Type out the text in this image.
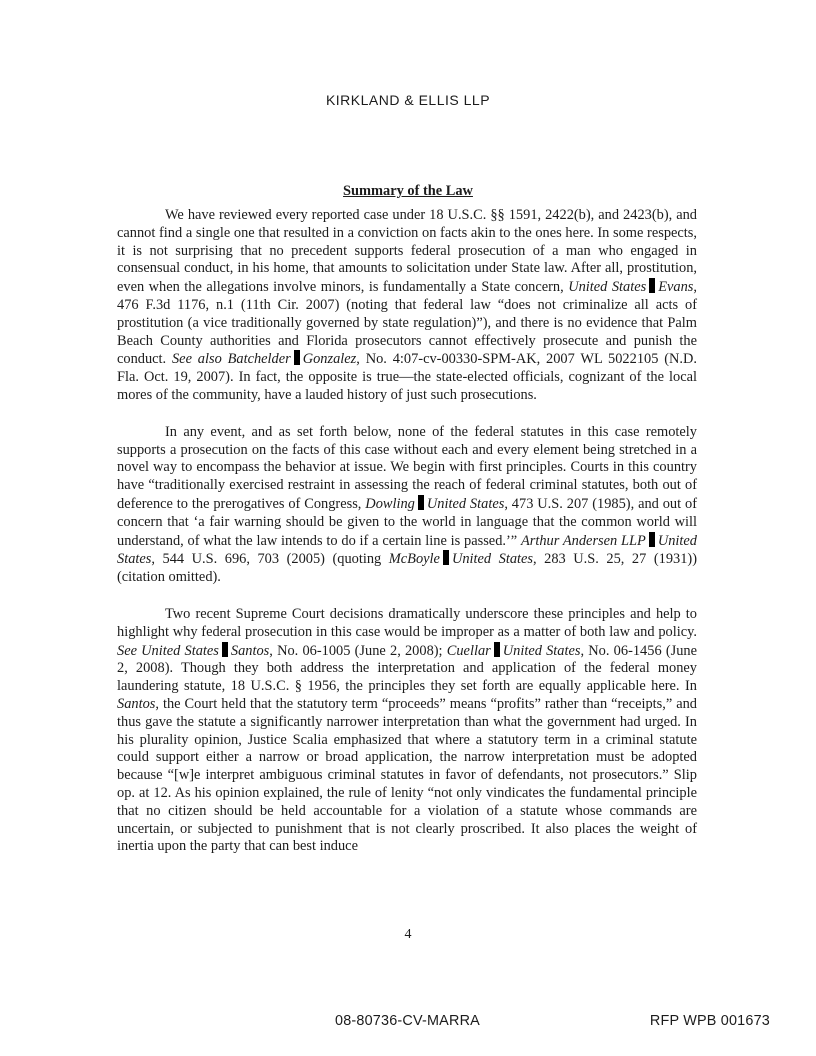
KIRKLAND & ELLIS LLP
Summary of the Law

We have reviewed every reported case under 18 U.S.C. §§ 1591, 2422(b), and 2423(b), and cannot find a single one that resulted in a conviction on facts akin to the ones here. In some respects, it is not surprising that no precedent supports federal prosecution of a man who engaged in consensual conduct, in his home, that amounts to solicitation under State law. After all, prostitution, even when the allegations involve minors, is fundamentally a State concern, United States Evans, 476 F.3d 1176, n.1 (11th Cir. 2007) (noting that federal law “does not criminalize all acts of prostitution (a vice traditionally governed by state regulation)”), and there is no evidence that Palm Beach County authorities and Florida prosecutors cannot effectively prosecute and punish the conduct. See also Batchelder Gonzalez, No. 4:07-cv-00330-SPM-AK, 2007 WL 5022105 (N.D. Fla. Oct. 19, 2007). In fact, the opposite is true—the state-elected officials, cognizant of the local mores of the community, have a lauded history of just such prosecutions.

In any event, and as set forth below, none of the federal statutes in this case remotely supports a prosecution on the facts of this case without each and every element being stretched in a novel way to encompass the behavior at issue. We begin with first principles. Courts in this country have “traditionally exercised restraint in assessing the reach of federal criminal statutes, both out of deference to the prerogatives of Congress, Dowling United States, 473 U.S. 207 (1985), and out of concern that ‘a fair warning should be given to the world in language that the common world will understand, of what the law intends to do if a certain line is passed.’” Arthur Andersen LLP United States, 544 U.S. 696, 703 (2005) (quoting McBoyle United States, 283 U.S. 25, 27 (1931)) (citation omitted).

Two recent Supreme Court decisions dramatically underscore these principles and help to highlight why federal prosecution in this case would be improper as a matter of both law and policy. See United States Santos, No. 06-1005 (June 2, 2008); Cuellar United States, No. 06-1456 (June 2, 2008). Though they both address the interpretation and application of the federal money laundering statute, 18 U.S.C. § 1956, the principles they set forth are equally applicable here. In Santos, the Court held that the statutory term “proceeds” means “profits” rather than “receipts,” and thus gave the statute a significantly narrower interpretation than what the government had urged. In his plurality opinion, Justice Scalia emphasized that where a statutory term in a criminal statute could support either a narrow or broad application, the narrow interpretation must be adopted because “[w]e interpret ambiguous criminal statutes in favor of defendants, not prosecutors.” Slip op. at 12. As his opinion explained, the rule of lenity “not only vindicates the fundamental principle that no citizen should be held accountable for a violation of a statute whose commands are uncertain, or subjected to punishment that is not clearly proscribed. It also places the weight of inertia upon the party that can best induce

4
08-80736-CV-MARRA	RFP WPB 001673
